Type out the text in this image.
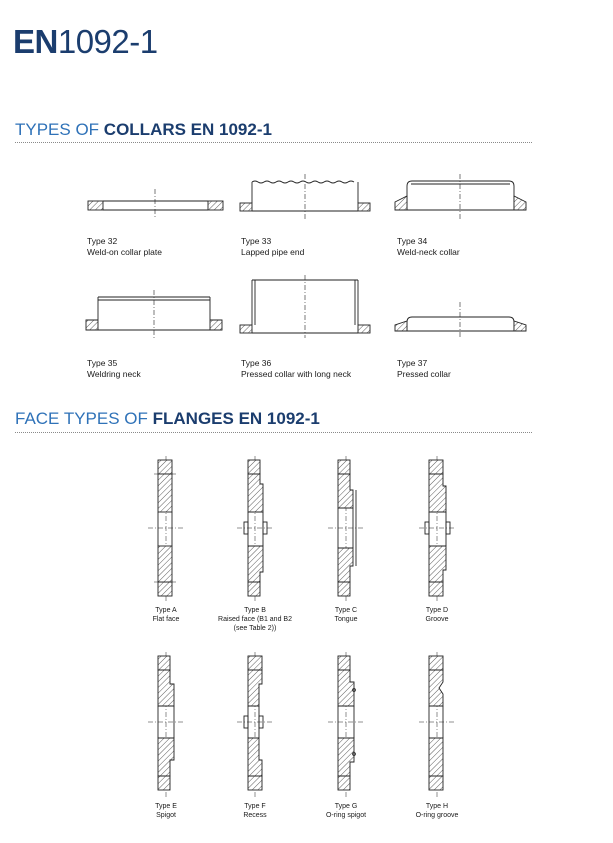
EN1092-1
TYPES OF COLLARS EN 1092-1
Type 32
Weld-on collar plate
Type 33
Lapped pipe end
Type 34
Weld-neck collar
Type 35
Weldring neck
Type 36
Pressed collar with long neck
Type 37
Pressed collar
FACE TYPES OF FLANGES EN 1092-1
Type A
Flat face
Type B
Raised face (B1 and B2
(see Table 2))
Type C
Tongue
Type D
Groove
Type E
Spigot
Type F
Recess
Type G
O-ring spigot
Type H
O-ring groove
